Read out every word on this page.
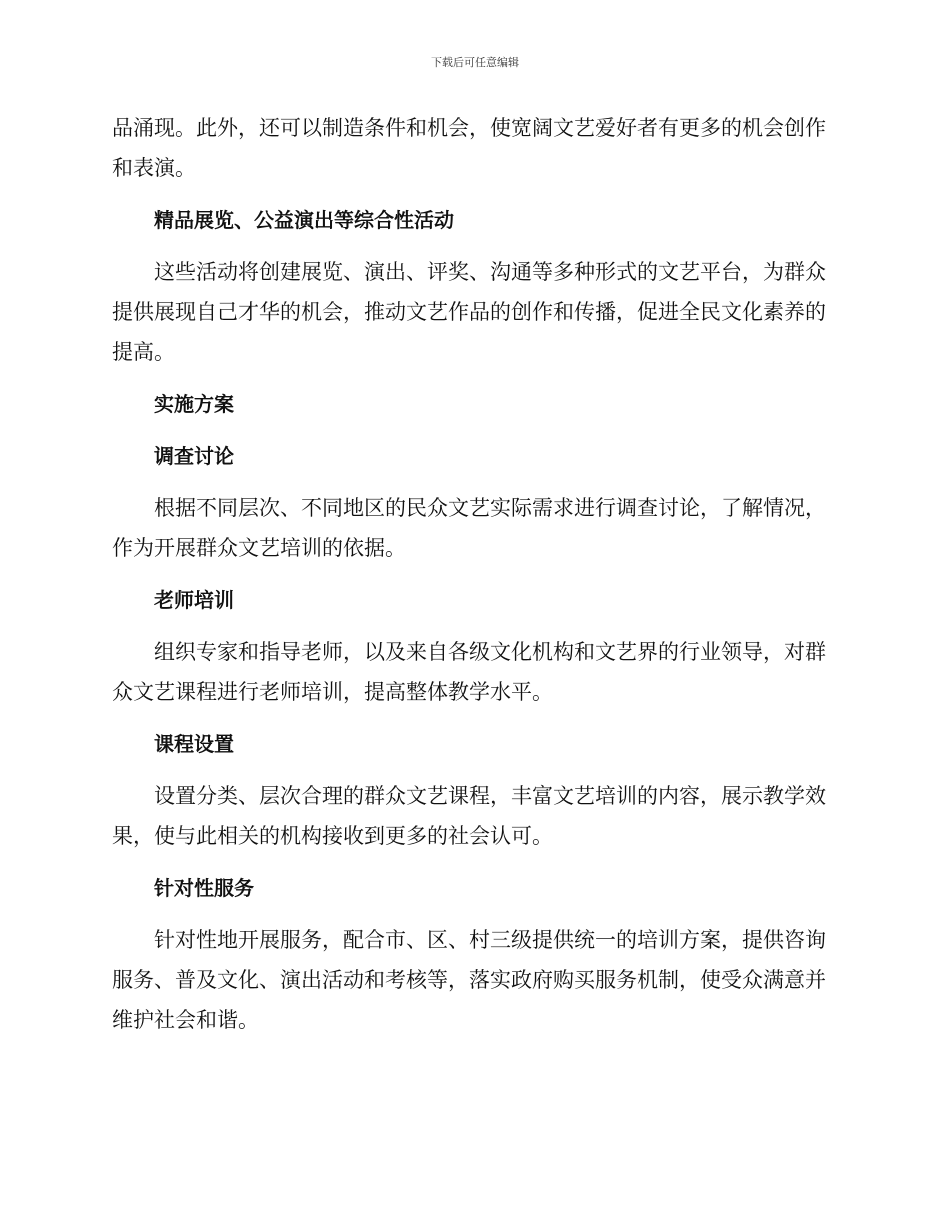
下载后可任意编辑

品涌现。此外，还可以制造条件和机会，使宽阔文艺爱好者有更多的机会创作和表演。

精品展览、公益演出等综合性活动

这些活动将创建展览、演出、评奖、沟通等多种形式的文艺平台，为群众提供展现自己才华的机会，推动文艺作品的创作和传播，促进全民文化素养的提高。

实施方案

调查讨论

根据不同层次、不同地区的民众文艺实际需求进行调查讨论，了解情况，作为开展群众文艺培训的依据。

老师培训

组织专家和指导老师，以及来自各级文化机构和文艺界的行业领导，对群众文艺课程进行老师培训，提高整体教学水平。

课程设置

设置分类、层次合理的群众文艺课程，丰富文艺培训的内容，展示教学效果，使与此相关的机构接收到更多的社会认可。

针对性服务

针对性地开展服务，配合市、区、村三级提供统一的培训方案，提供咨询服务、普及文化、演出活动和考核等，落实政府购买服务机制，使受众满意并维护社会和谐。
